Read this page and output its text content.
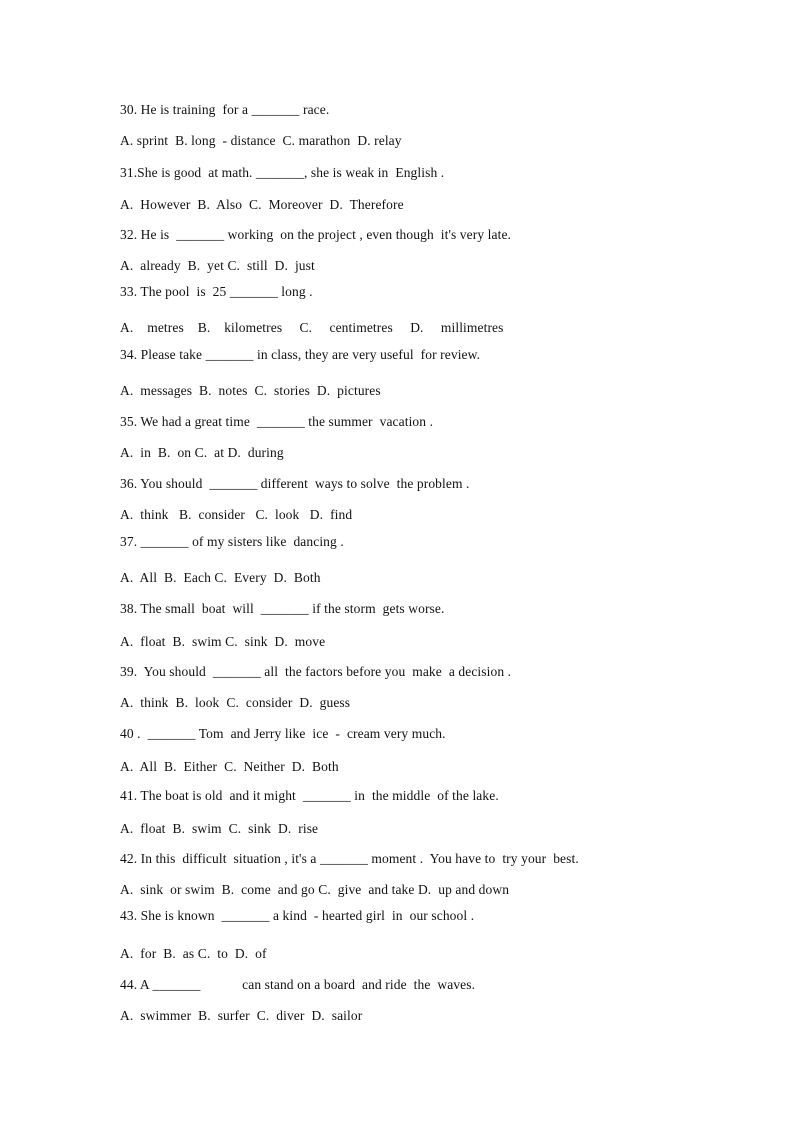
30. He is training  for a _______ race.
A. sprint  B. long  - distance  C. marathon  D. relay
31.She is good  at math. _______, she is weak in  English .
A.  However  B.  Also  C.  Moreover  D.  Therefore
32. He is  _______ working  on the project , even though  it's very late.
A.  already  B.  yet C.  still  D.  just
33. The pool  is  25 _______ long .
A.    metres    B.    kilometres     C.     centimetres     D.     millimetres
34. Please take _______ in class, they are very useful  for review.
A.  messages  B.  notes  C.  stories  D.  pictures
35. We had a great time  _______ the summer  vacation .
A.  in  B.  on C.  at D.  during
36. You should  _______ different  ways to solve  the problem .
A.  think   B.  consider   C.  look   D.  find
37. _______ of my sisters like  dancing .
A.  All  B.  Each C.  Every  D.  Both
38. The small  boat  will  _______ if the storm  gets worse.
A.  float  B.  swim C.  sink  D.  move
39.  You should  _______ all  the factors before you  make  a decision .
A.  think  B.  look  C.  consider  D.  guess
40 .  _______ Tom  and Jerry like  ice  -  cream very much.
A.  All  B.  Either  C.  Neither  D.  Both
41. The boat is old  and it might  _______ in  the middle  of the lake.
A.  float  B.  swim  C.  sink  D.  rise
42. In this  difficult  situation , it's a _______ moment .  You have to  try your  best.
A.  sink  or swim  B.  come  and go C.  give  and take D.  up and down
43. She is known  _______ a kind  - hearted girl  in  our school .
A.  for  B.  as C.  to  D.  of
44. A _______            can stand on a board  and ride  the  waves.
A.  swimmer  B.  surfer  C.  diver  D.  sailor
